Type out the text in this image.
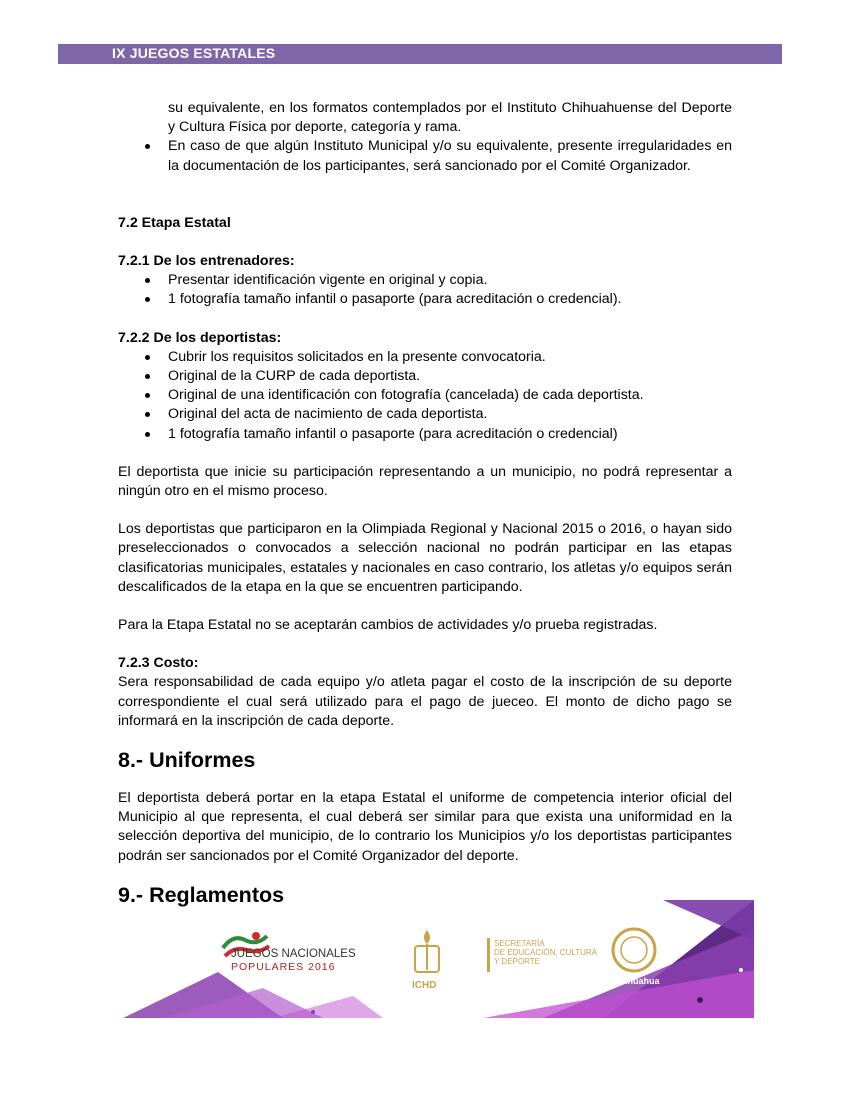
IX JUEGOS ESTATALES
su equivalente, en los formatos contemplados por el Instituto Chihuahuense del Deporte y Cultura Física por deporte, categoría y rama.
En caso de que algún Instituto Municipal y/o su equivalente, presente irregularidades en la documentación de los participantes, será sancionado por el Comité Organizador.

7.2 Etapa Estatal

7.2.1 De los entrenadores:

Presentar identificación vigente en original y copia.
1 fotografía tamaño infantil o pasaporte (para acreditación o credencial).

7.2.2 De los deportistas:

Cubrir los requisitos solicitados en la presente convocatoria.
Original de la CURP de cada deportista.
Original de una identificación con fotografía (cancelada) de cada deportista.
Original del acta de nacimiento de cada deportista.
1 fotografía tamaño infantil o pasaporte (para acreditación o credencial)

El deportista que inicie su participación representando a un municipio, no podrá representar a ningún otro en el mismo proceso.

Los deportistas que participaron en la Olimpiada Regional y Nacional 2015 o 2016, o hayan sido preseleccionados o convocados a selección nacional no podrán participar en las etapas clasificatorias municipales, estatales y nacionales en caso contrario, los atletas y/o equipos serán descalificados de la etapa en la que se encuentren participando.

Para la Etapa Estatal no se aceptarán cambios de actividades y/o prueba registradas.

7.2.3 Costo:

Sera responsabilidad de cada equipo y/o atleta pagar el costo de la inscripción de su deporte correspondiente el cual será utilizado para el pago de jueceo. El monto de dicho pago se informará en la inscripción de cada deporte.

8.- Uniformes

El deportista deberá portar en la etapa Estatal el uniforme de competencia interior oficial del Municipio al que representa, el cual deberá ser similar para que exista una uniformidad en la selección deportiva del municipio, de lo contrario los Municipios y/o los deportistas participantes podrán ser sancionados por el Comité Organizador del deporte.

9.- Reglamentos

JUEGOS NACIONALES
POPULARES 2016
ICHD
SECRETARÍA
DE EDUCACIÓN, CULTURA
Y DEPORTE
Chihuahua
